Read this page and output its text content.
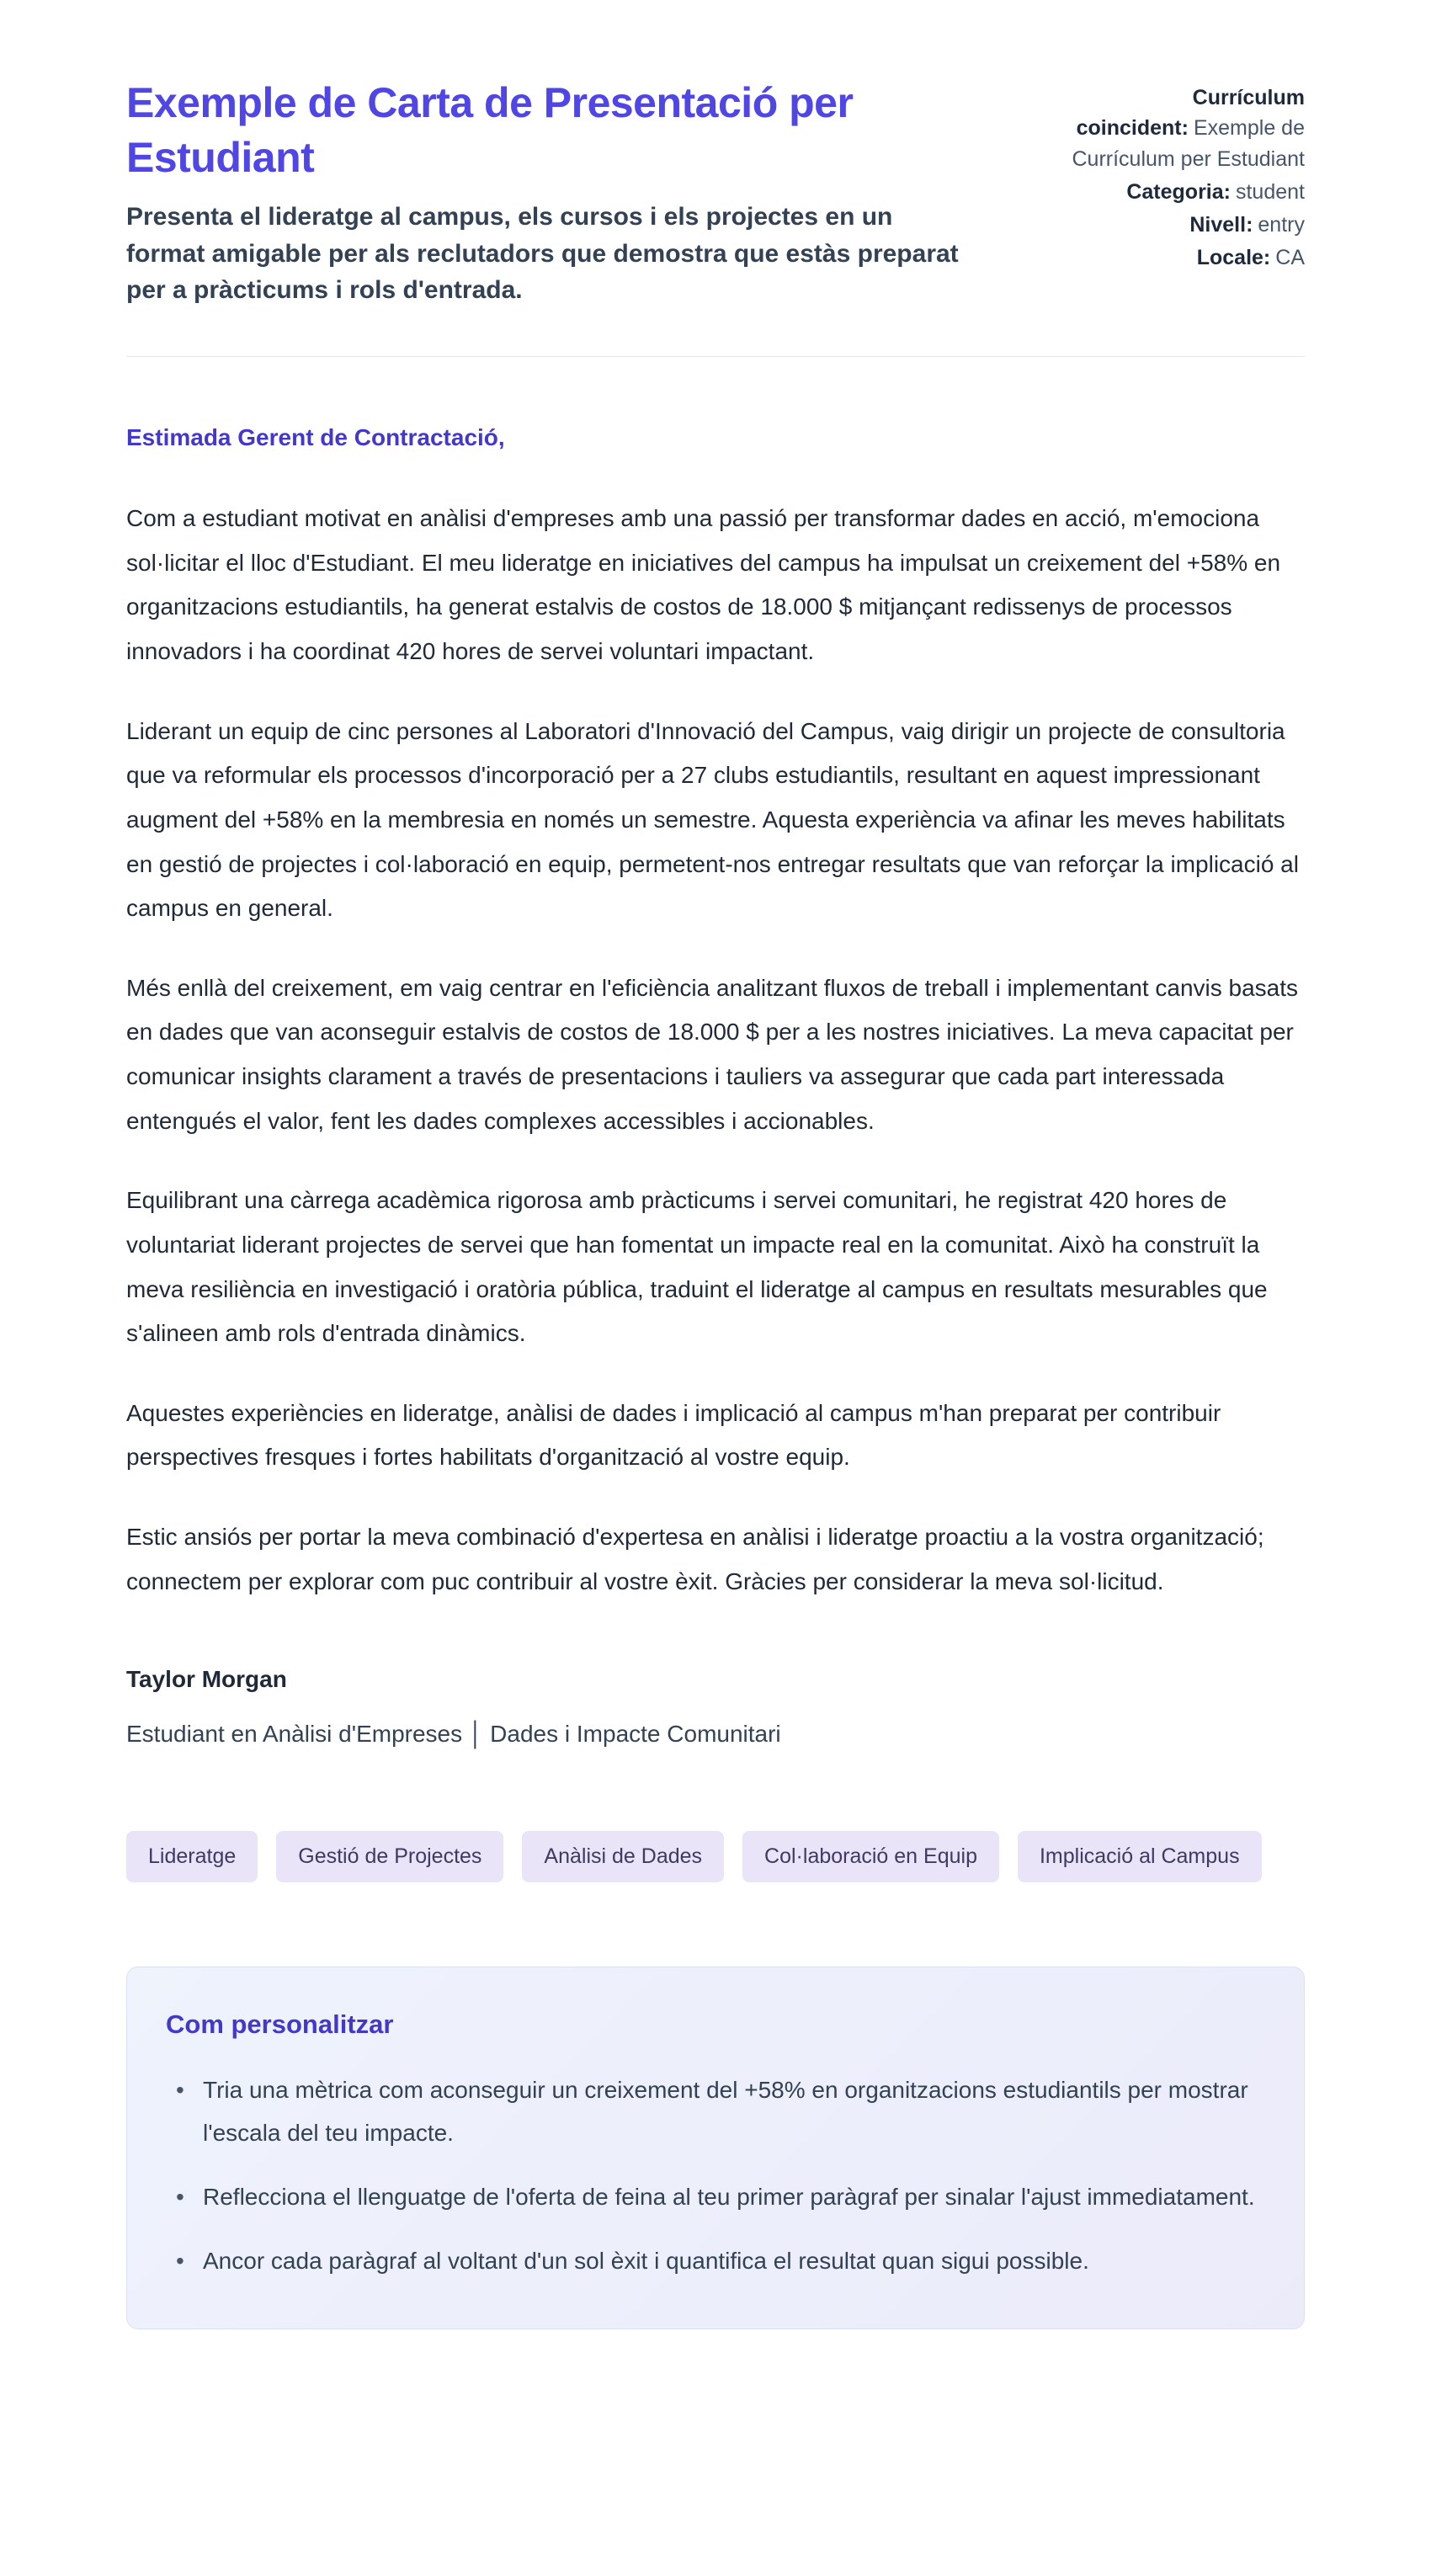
Exemple de Carta de Presentació per Estudiant

Presenta el lideratge al campus, els cursos i els projectes en un format amigable per als reclutadors que demostra que estàs preparat per a pràcticums i rols d'entrada.

Currículum coincident: Exemple de Currículum per Estudiant
Categoria: student
Nivell: entry
Locale: CA

Estimada Gerent de Contractació,

Com a estudiant motivat en anàlisi d'empreses amb una passió per transformar dades en acció, m'emociona sol·licitar el lloc d'Estudiant. El meu lideratge en iniciatives del campus ha impulsat un creixement del +58% en organitzacions estudiantils, ha generat estalvis de costos de 18.000 $ mitjançant redissenys de processos innovadors i ha coordinat 420 hores de servei voluntari impactant.

Liderant un equip de cinc persones al Laboratori d'Innovació del Campus, vaig dirigir un projecte de consultoria que va reformular els processos d'incorporació per a 27 clubs estudiantils, resultant en aquest impressionant augment del +58% en la membresia en només un semestre. Aquesta experiència va afinar les meves habilitats en gestió de projectes i col·laboració en equip, permetent-nos entregar resultats que van reforçar la implicació al campus en general.

Més enllà del creixement, em vaig centrar en l'eficiència analitzant fluxos de treball i implementant canvis basats en dades que van aconseguir estalvis de costos de 18.000 $ per a les nostres iniciatives. La meva capacitat per comunicar insights clarament a través de presentacions i tauliers va assegurar que cada part interessada entengués el valor, fent les dades complexes accessibles i accionables.

Equilibrant una càrrega acadèmica rigorosa amb pràcticums i servei comunitari, he registrat 420 hores de voluntariat liderant projectes de servei que han fomentat un impacte real en la comunitat. Això ha construït la meva resiliència en investigació i oratòria pública, traduint el lideratge al campus en resultats mesurables que s'alineen amb rols d'entrada dinàmics.

Aquestes experiències en lideratge, anàlisi de dades i implicació al campus m'han preparat per contribuir perspectives fresques i fortes habilitats d'organització al vostre equip.

Estic ansiós per portar la meva combinació d'expertesa en anàlisi i lideratge proactiu a la vostra organització; connectem per explorar com puc contribuir al vostre èxit. Gràcies per considerar la meva sol·licitud.

Taylor Morgan

Estudiant en Anàlisi d'Empreses │ Dades i Impacte Comunitari

Lideratge	Gestió de Projectes	Anàlisi de Dades	Col·laboració en Equip	Implicació al Campus
Com personalitzar
• Tria una mètrica com aconseguir un creixement del +58% en organitzacions estudiantils per mostrar l'escala del teu impacte.
• Reflecciona el llenguatge de l'oferta de feina al teu primer paràgraf per sinalar l'ajust immediatament.
• Ancor cada paràgraf al voltant d'un sol èxit i quantifica el resultat quan sigui possible.
